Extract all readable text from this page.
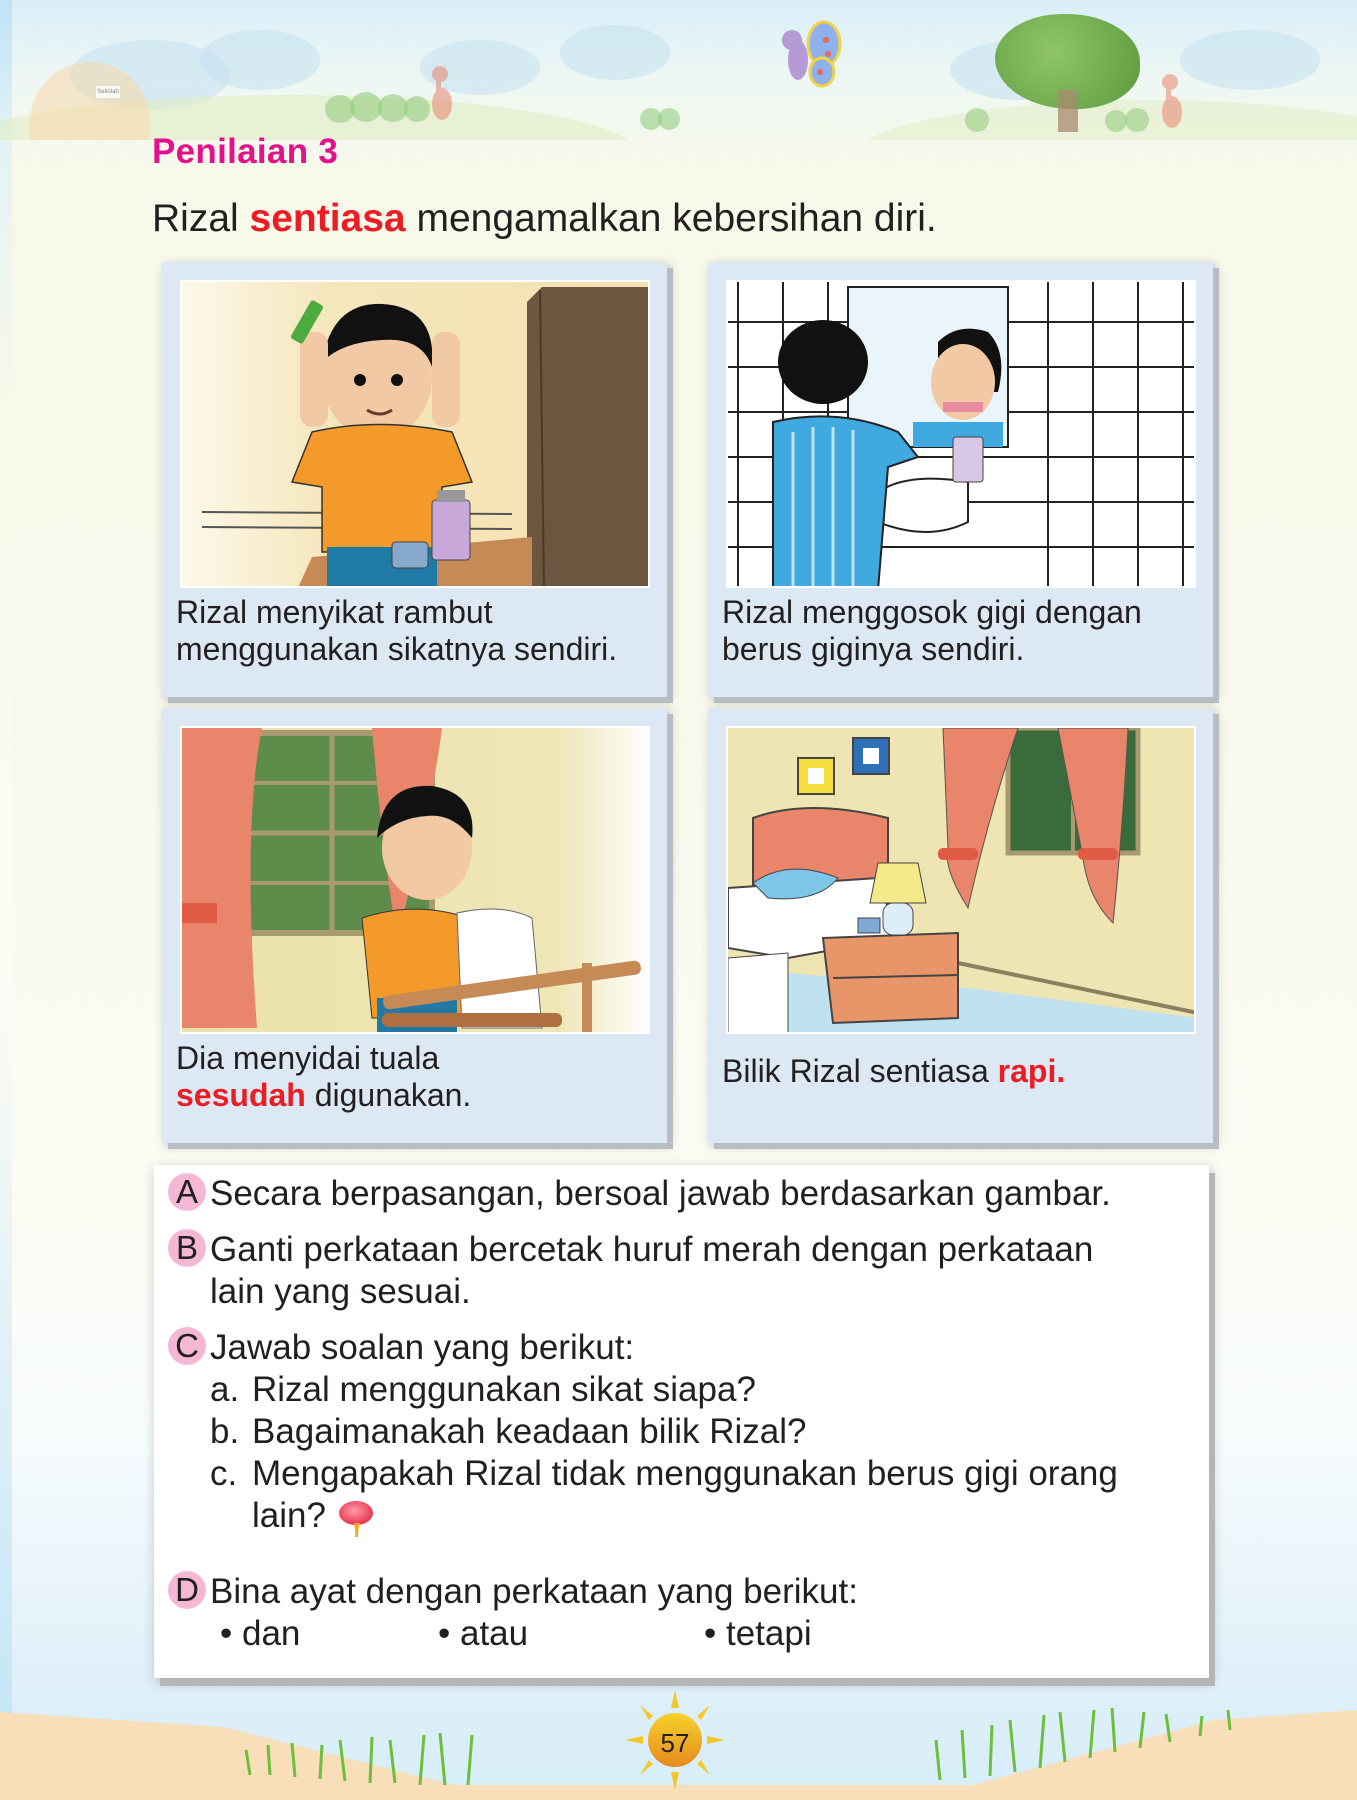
Sekolah
Penilaian 3
Rizal sentiasa mengamalkan kebersihan diri.
Rizal menyikat rambut
menggunakan sikatnya sendiri.
Rizal menggosok gigi dengan
berus giginya sendiri.
Dia menyidai tuala
sesudah digunakan.
Bilik Rizal sentiasa rapi.
A Secara berpasangan, bersoal jawab berdasarkan gambar.
B Ganti perkataan bercetak huruf merah dengan perkataan
lain yang sesuai.
C Jawab soalan yang berikut:
a. Rizal menggunakan sikat siapa?
b. Bagaimanakah keadaan bilik Rizal?
c. Mengapakah Rizal tidak menggunakan berus gigi orang
lain?
D Bina ayat dengan perkataan yang berikut:
• dan	• atau	• tetapi
57
